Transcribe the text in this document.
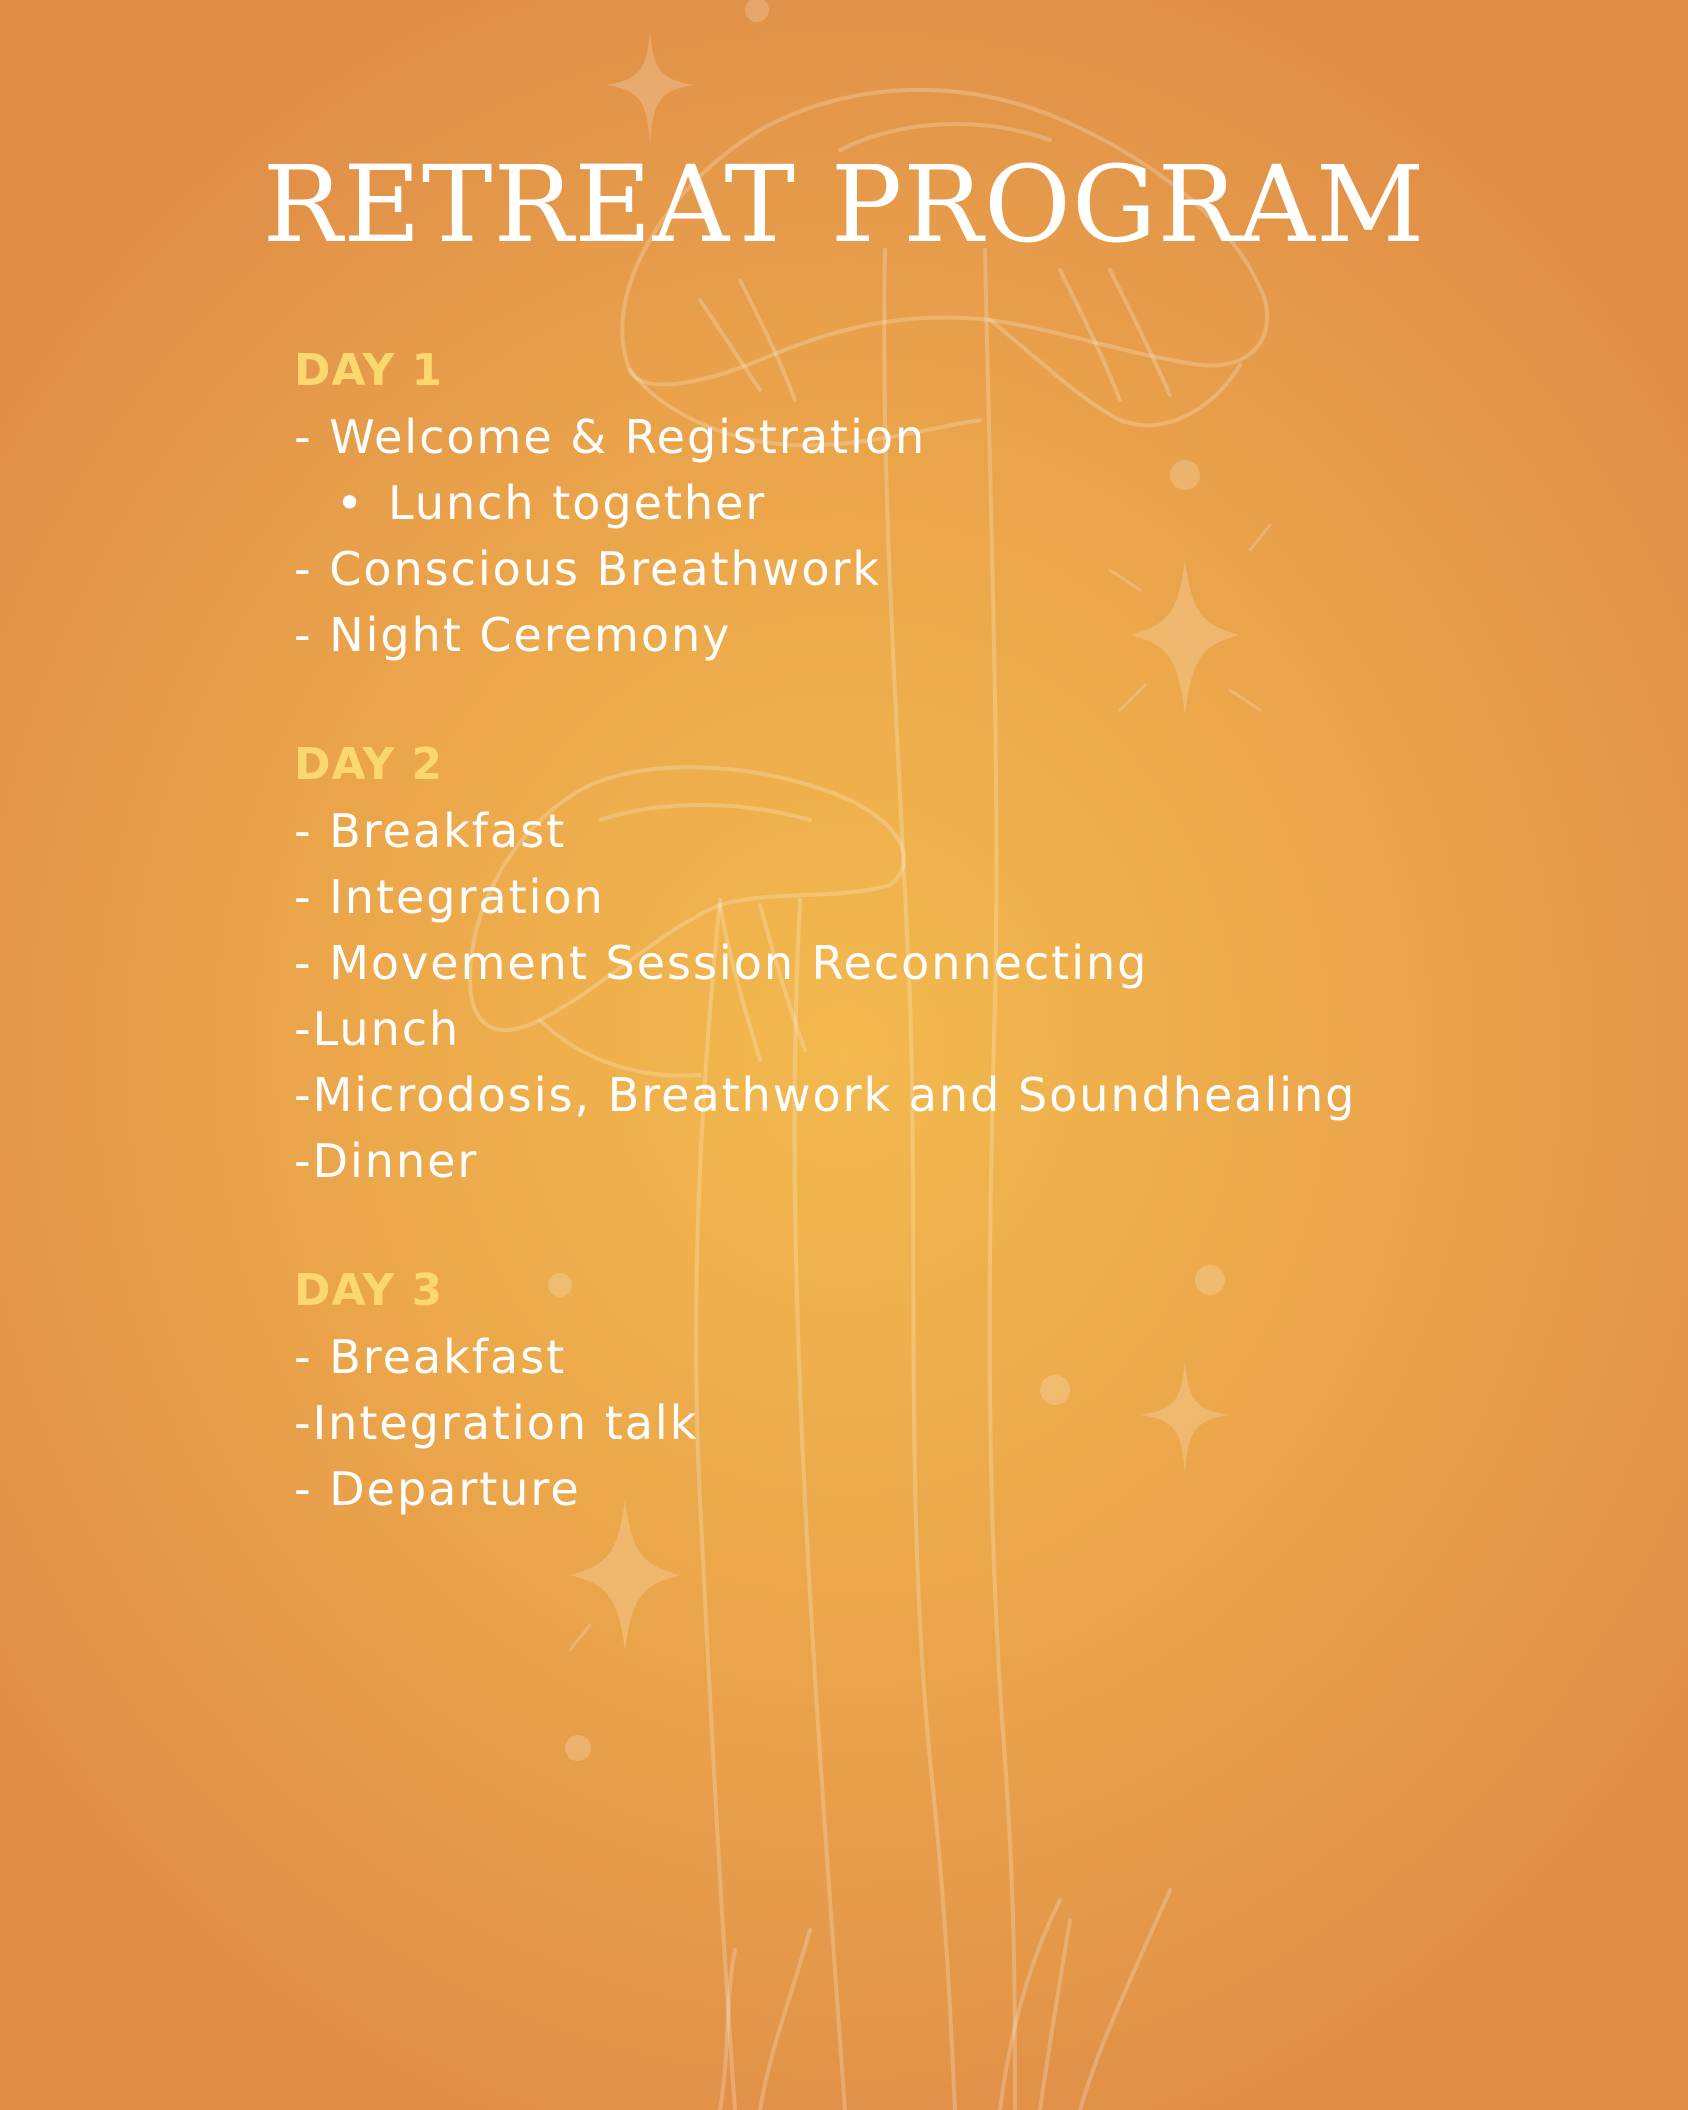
RETREAT PROGRAM
DAY 1
- Welcome & Registration
• Lunch together
- Conscious Breathwork
- Night Ceremony
DAY 2
- Breakfast
- Integration
- Movement Session Reconnecting
-Lunch
-Microdosis, Breathwork and Soundhealing
-Dinner
DAY 3
- Breakfast
-Integration talk
- Departure
